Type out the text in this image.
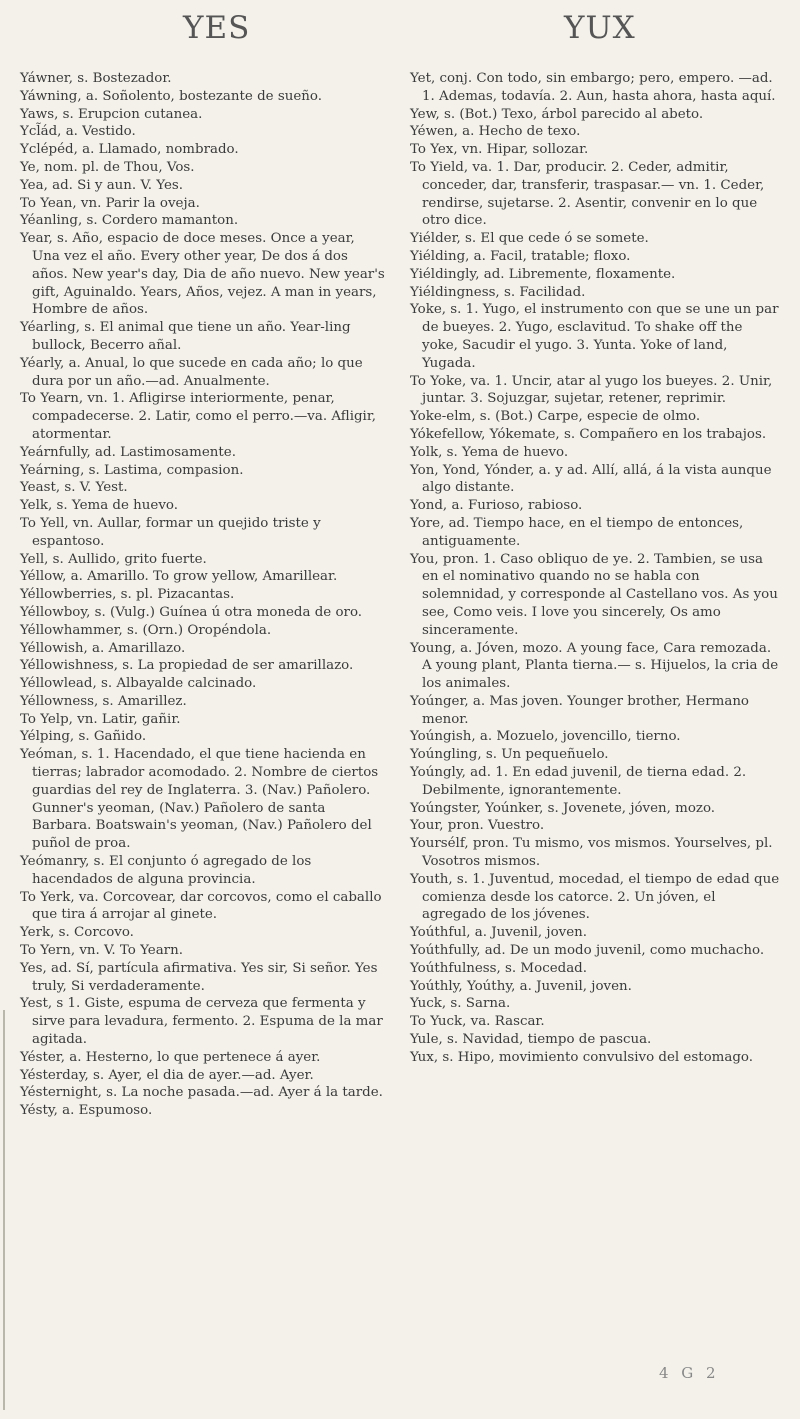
YES	YUX

Yáwner, s. Bostezador.

Yáwning, a. Soñolento, bostezante de sueño.

Yaws, s. Erupcion cutanea.

Ycl̃ád, a. Vestido.

Yclépéd, a. Llamado, nombrado.

Ye, nom. pl. de Thou, Vos.

Yea, ad. Si y aun. V. Yes.

To Yean, vn. Parir la oveja.

Yéanling, s. Cordero mamanton.

Year, s. Año, espacio de doce meses. Once a year, Una vez el año. Every other year, De dos á dos años. New year's day, Dia de año nuevo. New year's gift, Aguinaldo. Years, Años, vejez. A man in years, Hombre de años.

Yéarling, s. El animal que tiene un año. Year-ling bullock, Becerro añal.

Yéarly, a. Anual, lo que sucede en cada año; lo que dura por un año.—ad. Anualmente.

To Yearn, vn. 1. Afligirse interiormente, penar, compadecerse. 2. Latir, como el perro.—va. Afligir, atormentar.

Yeárnfully, ad. Lastimosamente.

Yeárning, s. Lastima, compasion.

Yeast, s. V. Yest.

Yelk, s. Yema de huevo.

To Yell, vn. Aullar, formar un quejido triste y espantoso.

Yell, s. Aullido, grito fuerte.

Yéllow, a. Amarillo. To grow yellow, Amarillear.

Yéllowberries, s. pl. Pizacantas.

Yéllowboy, s. (Vulg.) Guínea ú otra moneda de oro.

Yéllowhammer, s. (Orn.) Oropéndola.

Yéllowish, a. Amarillazo.

Yéllowishness, s. La propiedad de ser amarillazo.

Yéllowlead, s. Albayalde calcinado.

Yéllowness, s. Amarillez.

To Yelp, vn. Latir, gañir.

Yélping, s. Gañido.

Yeóman, s. 1. Hacendado, el que tiene hacienda en tierras; labrador acomodado. 2. Nombre de ciertos guardias del rey de Inglaterra. 3. (Nav.) Pañolero. Gunner's yeoman, (Nav.) Pañolero de santa Barbara. Boatswain's yeoman, (Nav.) Pañolero del puñol de proa.

Yeómanry, s. El conjunto ó agregado de los hacendados de alguna provincia.

To Yerk, va. Corcovear, dar corcovos, como el caballo que tira á arrojar al ginete.

Yerk, s. Corcovo.

To Yern, vn. V. To Yearn.

Yes, ad. Sí, partícula afirmativa. Yes sir, Si señor. Yes truly, Si verdaderamente.

Yest, s 1. Giste, espuma de cerveza que fermenta y sirve para levadura, fermento. 2. Espuma de la mar agitada.

Yéster, a. Hesterno, lo que pertenece á ayer.

Yésterday, s. Ayer, el dia de ayer.—ad. Ayer.

Yésternight, s. La noche pasada.—ad. Ayer á la tarde.

Yésty, a. Espumoso.

Yet, conj. Con todo, sin embargo; pero, empero. —ad. 1. Ademas, todavía. 2. Aun, hasta ahora, hasta aquí.

Yew, s. (Bot.) Texo, árbol parecido al abeto.

Yéwen, a. Hecho de texo.

To Yex, vn. Hipar, sollozar.

To Yield, va. 1. Dar, producir. 2. Ceder, admitir, conceder, dar, transferir, traspasar.— vn. 1. Ceder, rendirse, sujetarse. 2. Asentir, convenir en lo que otro dice.

Yiélder, s. El que cede ó se somete.

Yiélding, a. Facil, tratable; floxo.

Yiéldingly, ad. Libremente, floxamente.

Yiéldingness, s. Facilidad.

Yoke, s. 1. Yugo, el instrumento con que se une un par de bueyes. 2. Yugo, esclavitud. To shake off the yoke, Sacudir el yugo. 3. Yunta. Yoke of land, Yugada.

To Yoke, va. 1. Uncir, atar al yugo los bueyes. 2. Unir, juntar. 3. Sojuzgar, sujetar, retener, reprimir.

Yoke-elm, s. (Bot.) Carpe, especie de olmo.

Yókefellow, Yókemate, s. Compañero en los trabajos.

Yolk, s. Yema de huevo.

Yon, Yond, Yónder, a. y ad. Allí, allá, á la vista aunque algo distante.

Yond, a. Furioso, rabioso.

Yore, ad. Tiempo hace, en el tiempo de entonces, antiguamente.

You, pron. 1. Caso obliquo de ye. 2. Tambien, se usa en el nominativo quando no se habla con solemnidad, y corresponde al Castellano vos. As you see, Como veis. I love you sincerely, Os amo sinceramente.

Young, a. Jóven, mozo. A young face, Cara remozada. A young plant, Planta tierna.— s. Hijuelos, la cria de los animales.

Yoúnger, a. Mas joven. Younger brother, Hermano menor.

Yoúngish, a. Mozuelo, jovencillo, tierno.

Yoúngling, s. Un pequeñuelo.

Yoúngly, ad. 1. En edad juvenil, de tierna edad. 2. Debilmente, ignorantemente.

Yoúngster, Yoúnker, s. Jovenete, jóven, mozo.

Your, pron. Vuestro.

Yoursélf, pron. Tu mismo, vos mismos. Yourselves, pl. Vosotros mismos.

Youth, s. 1. Juventud, mocedad, el tiempo de edad que comienza desde los catorce. 2. Un jóven, el agregado de los jóvenes.

Yoúthful, a. Juvenil, joven.

Yoúthfully, ad. De un modo juvenil, como muchacho.

Yoúthfulness, s. Mocedad.

Yoúthly, Yoúthy, a. Juvenil, joven.

Yuck, s. Sarna.

To Yuck, va. Rascar.

Yule, s. Navidad, tiempo de pascua.

Yux, s. Hipo, movimiento convulsivo del estomago.

4 G 2
